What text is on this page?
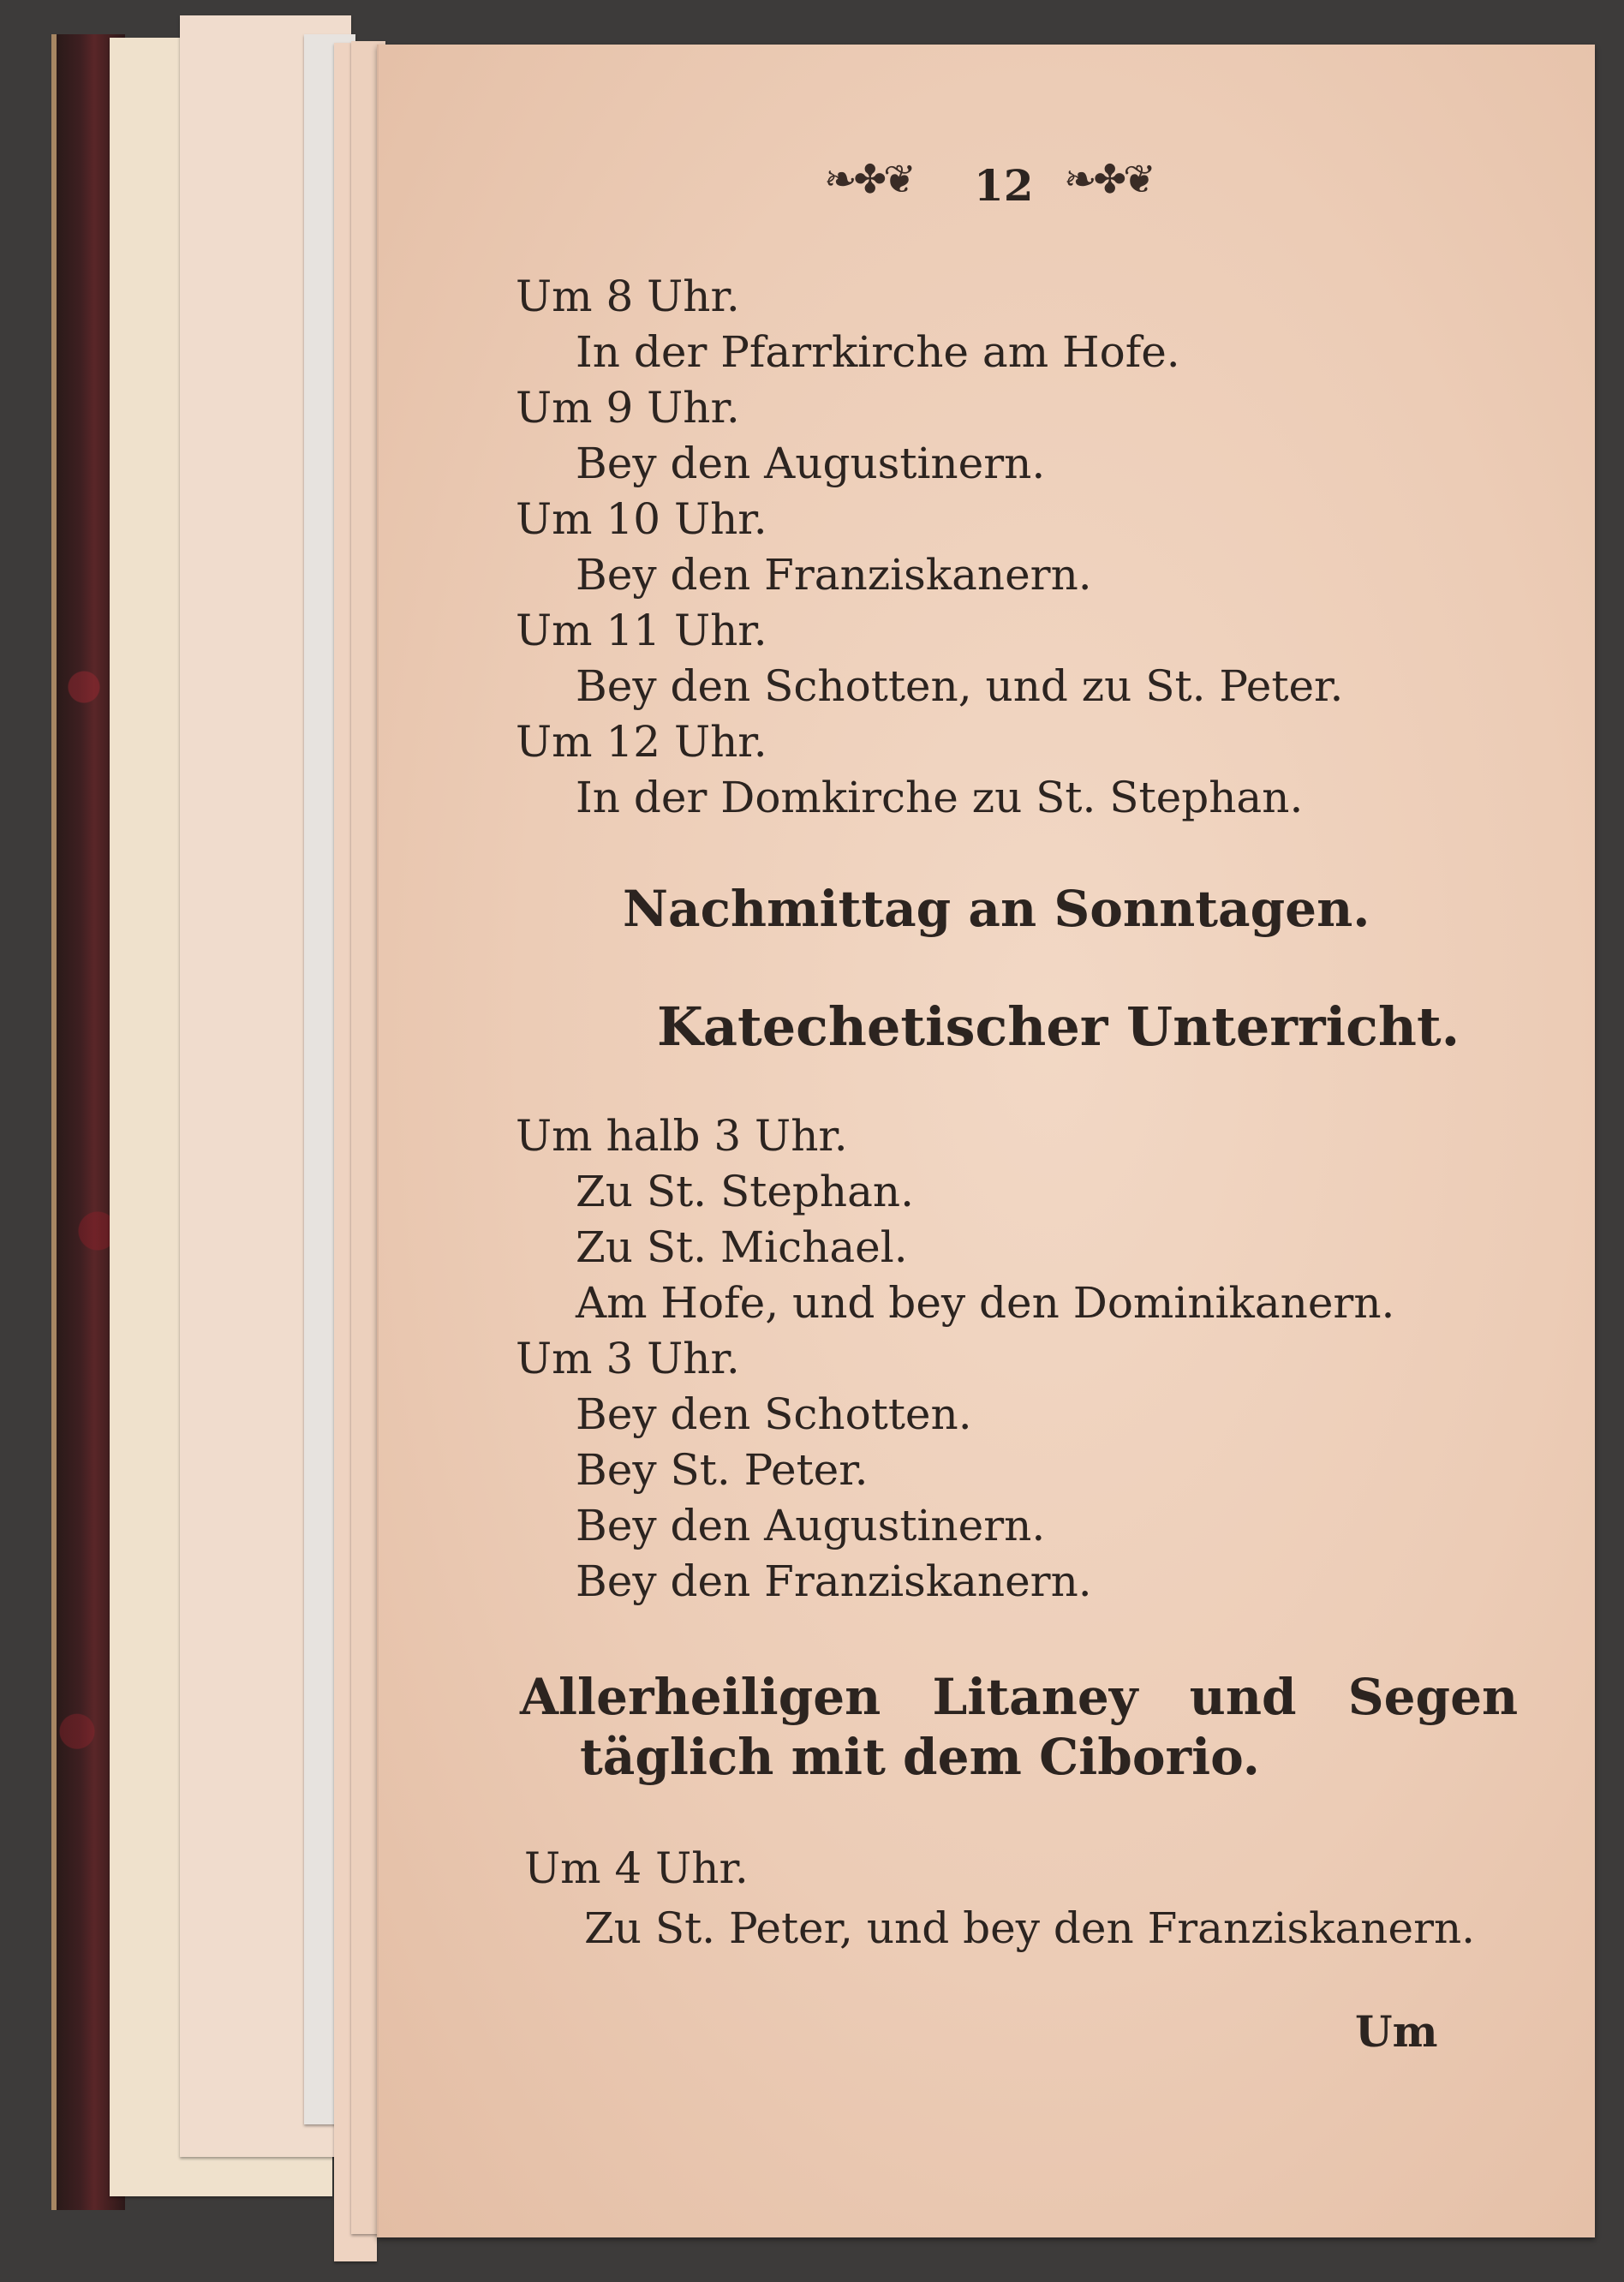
❧✤❦ 12 ❧✤❦
Um 8 Uhr.
In der Pfarrkirche am Hofe.
Um 9 Uhr.
Bey den Augustinern.
Um 10 Uhr.
Bey den Franziskanern.
Um 11 Uhr.
Bey den Schotten, und zu St. Peter.
Um 12 Uhr.
In der Domkirche zu St. Stephan.
Nachmittag an Sonntagen.
Katechetischer Unterricht.
Um halb 3 Uhr.
Zu St. Stephan.
Zu St. Michael.
Am Hofe, und bey den Dominikanern.
Um 3 Uhr.
Bey den Schotten.
Bey St. Peter.
Bey den Augustinern.
Bey den Franziskanern.
Allerheiligen Litaney und Segen
täglich mit dem Ciborio.
Um 4 Uhr.
Zu St. Peter, und bey den Franziskanern.
Um
